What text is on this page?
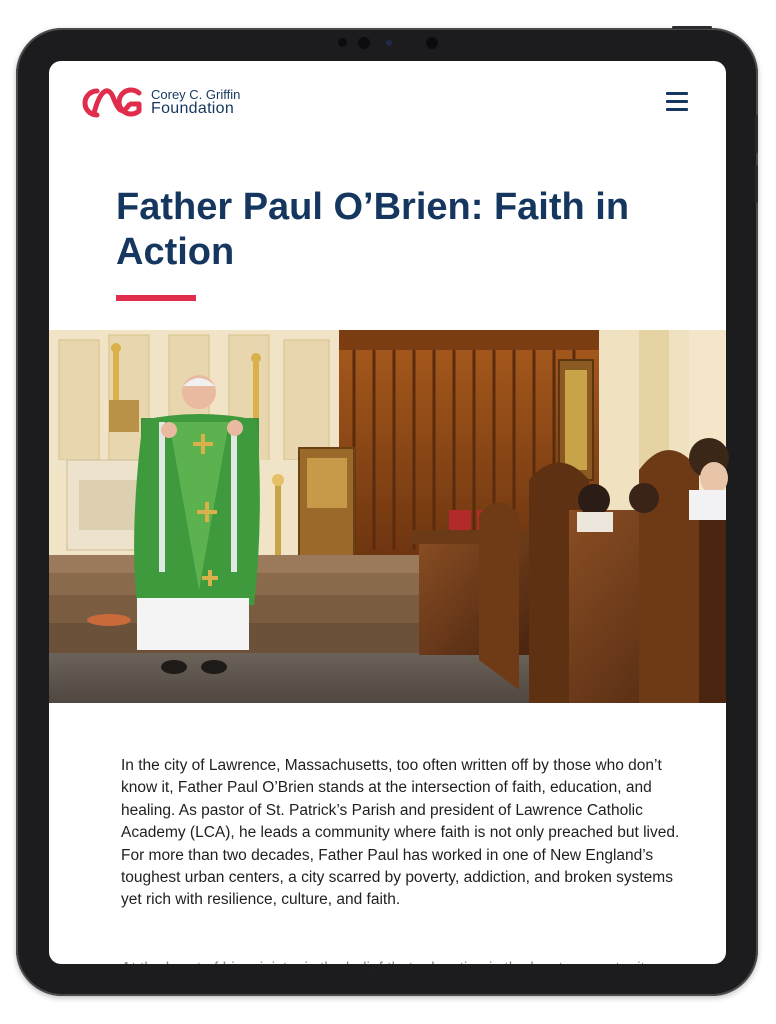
Corey C. Griffin
Foundation
Father Paul O’Brien: Faith in Action

In the city of Lawrence, Massachusetts, too often written off by those who don’t know it, Father Paul O’Brien stands at the intersection of faith, education, and healing. As pastor of St. Patrick’s Parish and president of Lawrence Catholic Academy (LCA), he leads a community where faith is not only preached but lived. For more than two decades, Father Paul has worked in one of New England’s toughest urban centers, a city scarred by poverty, addiction, and broken systems yet rich with resilience, culture, and faith.

At the heart of his ministry is the belief that education is the key to opportunity
